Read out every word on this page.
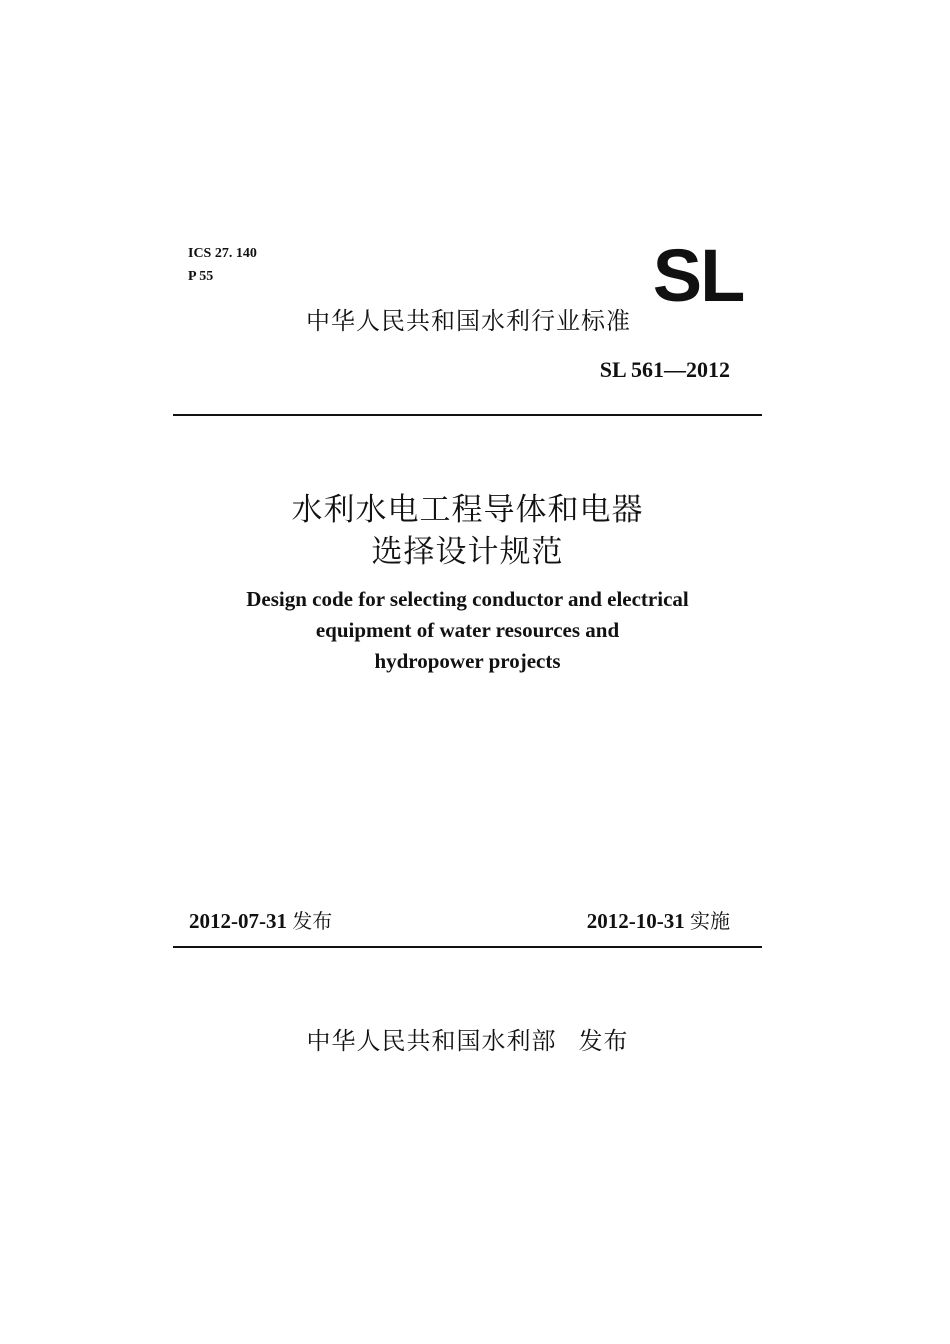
ICS 27. 140
P 55	SL
中华人民共和国水利行业标准
SL 561—2012
水利水电工程导体和电器
选择设计规范
Design code for selecting conductor and electrical
equipment of water resources and
hydropower projects
2012-07-31 发布	2012-10-31 实施
中华人民共和国水利部 发布
